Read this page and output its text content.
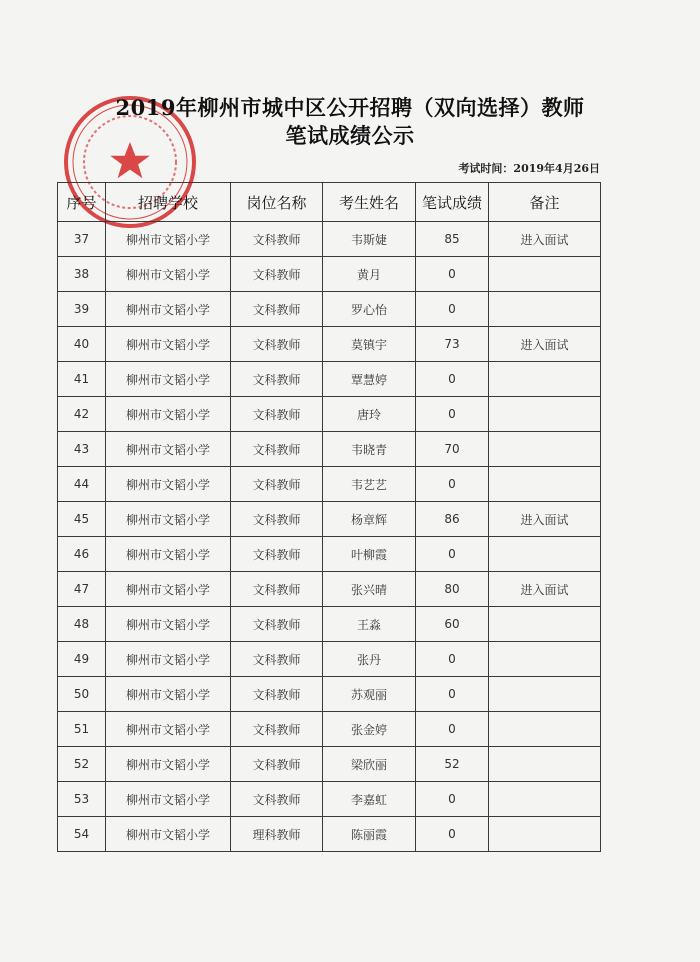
2019年柳州市城中区公开招聘（双向选择）教师
笔试成绩公示
考试时间：2019年4月26日
序号	招聘学校	岗位名称	考生姓名	笔试成绩	备注
37	柳州市文韬小学	文科教师	韦斯婕	85	进入面试
38	柳州市文韬小学	文科教师	黄月	0	
39	柳州市文韬小学	文科教师	罗心怡	0	
40	柳州市文韬小学	文科教师	莫镇宇	73	进入面试
41	柳州市文韬小学	文科教师	覃慧婷	0	
42	柳州市文韬小学	文科教师	唐玲	0	
43	柳州市文韬小学	文科教师	韦晓青	70	
44	柳州市文韬小学	文科教师	韦艺艺	0	
45	柳州市文韬小学	文科教师	杨章辉	86	进入面试
46	柳州市文韬小学	文科教师	叶柳霞	0	
47	柳州市文韬小学	文科教师	张兴晴	80	进入面试
48	柳州市文韬小学	文科教师	王淼	60	
49	柳州市文韬小学	文科教师	张丹	0	
50	柳州市文韬小学	文科教师	苏观丽	0	
51	柳州市文韬小学	文科教师	张金婷	0	
52	柳州市文韬小学	文科教师	梁欣丽	52	
53	柳州市文韬小学	文科教师	李嘉虹	0	
54	柳州市文韬小学	理科教师	陈丽霞	0	
